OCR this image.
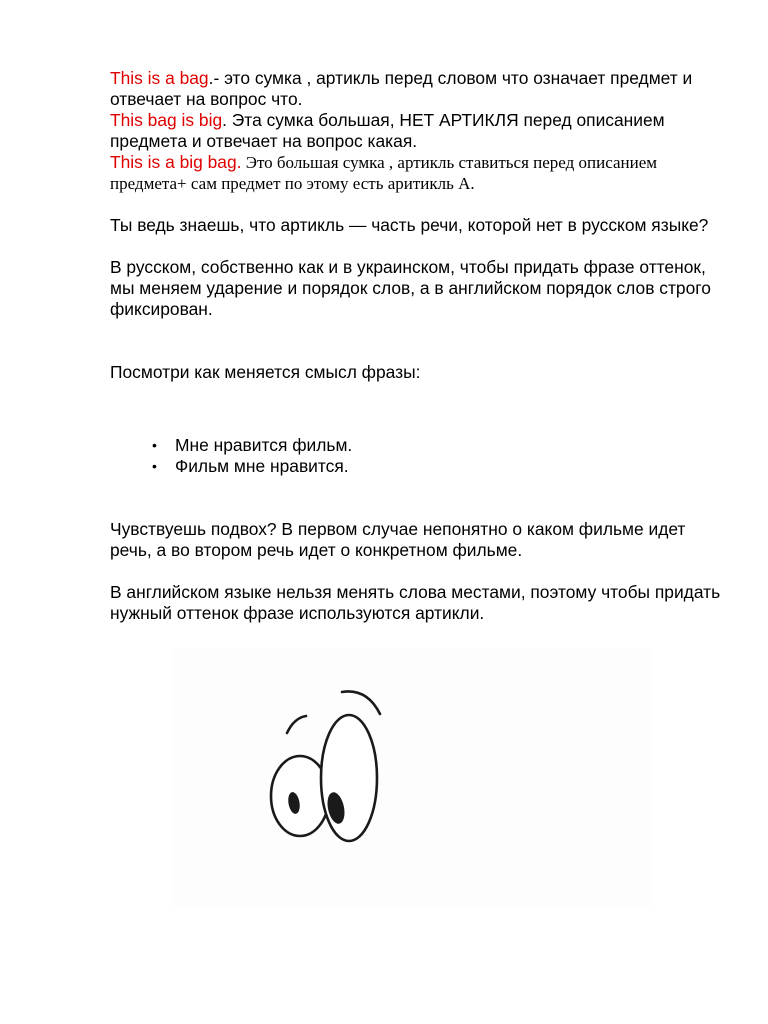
This is a bag.- это сумка , артикль перед словом что означает предмет и отвечает на вопрос что.

This bag is big. Эта сумка большая, НЕТ АРТИКЛЯ перед описанием предмета и отвечает на вопрос какая.

This is a big bag. Это большая сумка , артикль ставиться перед описанием предмета+ сам предмет по этому есть аритикль А.

Ты ведь знаешь, что артикль — часть речи, которой нет в русском языке?

В русском, собственно как и в украинском, чтобы придать фразе оттенок, мы меняем ударение и порядок слов, а в английском порядок слов строго фиксирован.

Посмотри как меняется смысл фразы:

• Мне нравится фильм.
• Фильм мне нравится.

Чувствуешь подвох? В первом случае непонятно о каком фильме идет речь, а во втором речь идет о конкретном фильме.

В английском языке нельзя менять слова местами, поэтому чтобы придать нужный оттенок фразе используются артикли.
